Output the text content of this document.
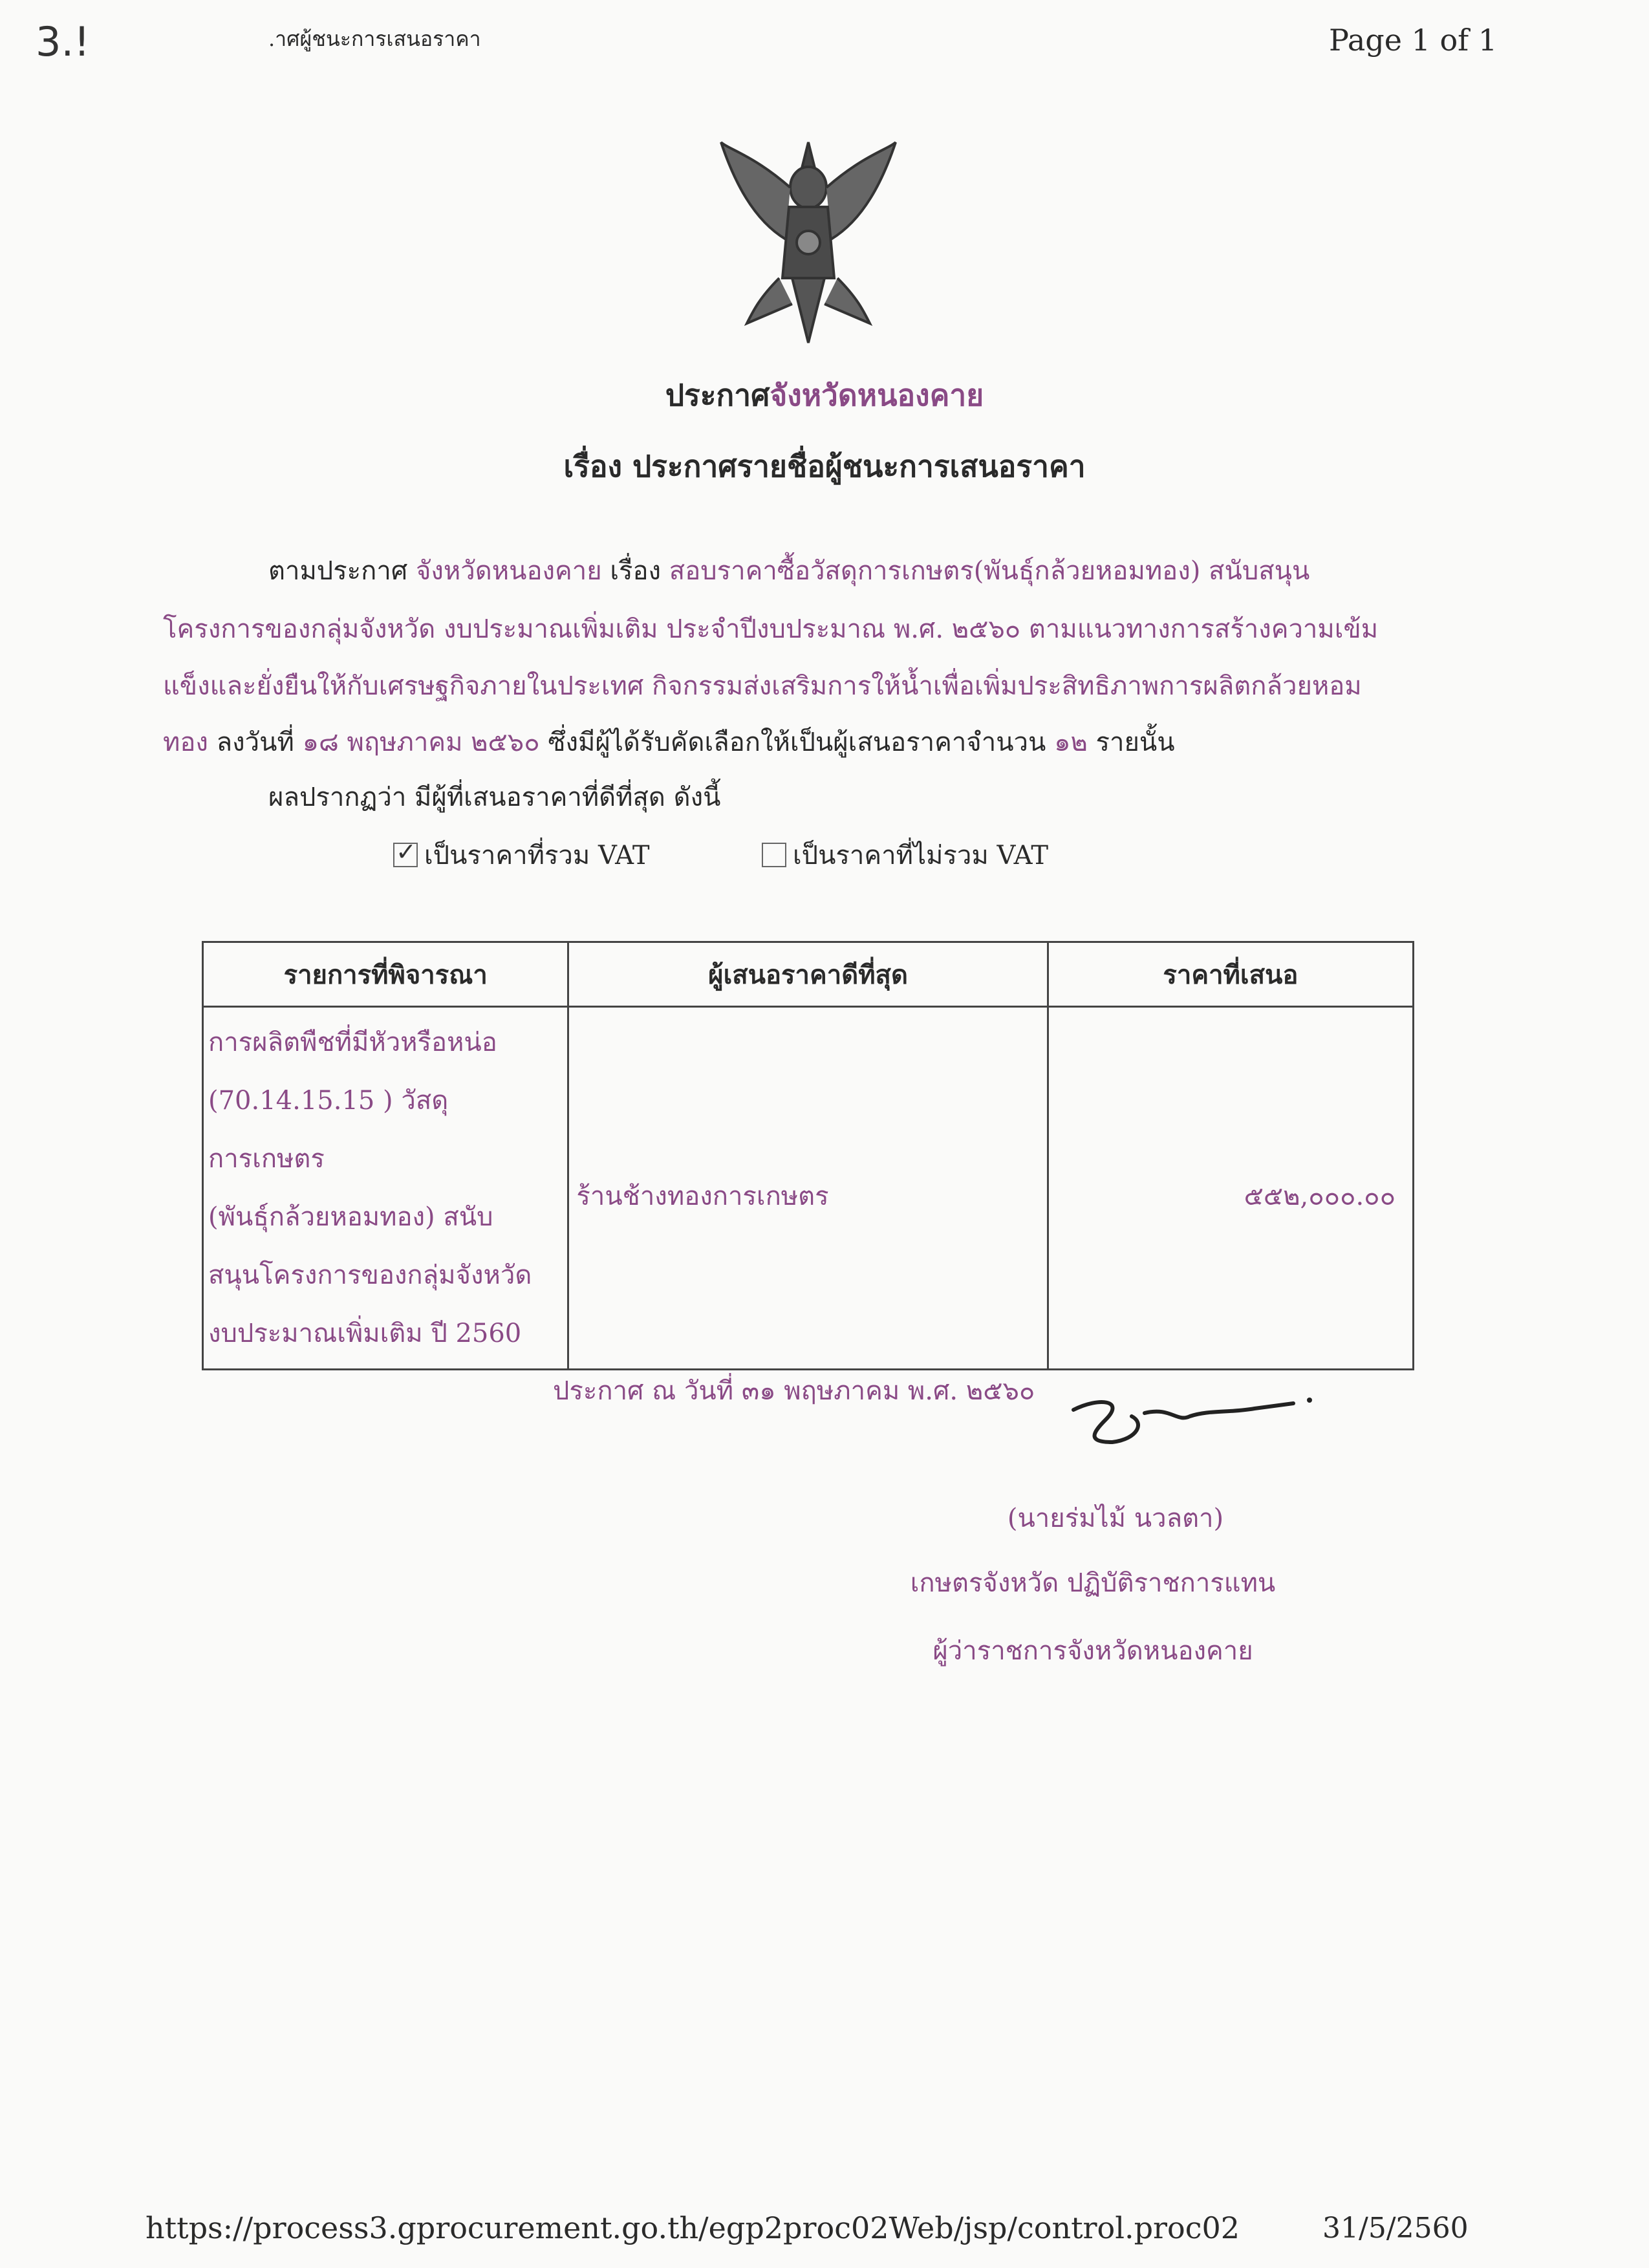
3.!	.าศผู้ชนะการเสนอราคา	Page 1 of 1
ประกาศจังหวัดหนองคาย
เรื่อง ประกาศรายชื่อผู้ชนะการเสนอราคา
ตามประกาศ จังหวัดหนองคาย เรื่อง สอบราคาซื้อวัสดุการเกษตร(พันธุ์กล้วยหอมทอง) สนับสนุน
โครงการของกลุ่มจังหวัด งบประมาณเพิ่มเติม ประจำปีงบประมาณ พ.ศ. ๒๕๖๐ ตามแนวทางการสร้างความเข้ม
แข็งและยั่งยืนให้กับเศรษฐกิจภายในประเทศ กิจกรรมส่งเสริมการให้น้ำเพื่อเพิ่มประสิทธิภาพการผลิตกล้วยหอม
ทอง ลงวันที่ ๑๘ พฤษภาคม ๒๕๖๐ ซึ่งมีผู้ได้รับคัดเลือกให้เป็นผู้เสนอราคาจำนวน ๑๒ รายนั้น
ผลปรากฏว่า มีผู้ที่เสนอราคาที่ดีที่สุด ดังนี้
✓ เป็นราคาที่รวม VAT	เป็นราคาที่ไม่รวม VAT
รายการที่พิจารณา	ผู้เสนอราคาดีที่สุด	ราคาที่เสนอ

การผลิตพืชที่มีหัวหรือหน่อ
(70.14.15.15 ) วัสดุการเกษตร
(พันธุ์กล้วยหอมทอง) สนับ
สนุนโครงการของกลุ่มจังหวัด
งบประมาณเพิ่มเติม ปี 2560	ร้านช้างทองการเกษตร	๕๕๒,๐๐๐.๐๐
ประกาศ ณ วันที่ ๓๑ พฤษภาคม พ.ศ. ๒๕๖๐
(นายร่มไม้ นวลตา)
เกษตรจังหวัด ปฏิบัติราชการแทน
ผู้ว่าราชการจังหวัดหนองคาย
https://process3.gprocurement.go.th/egp2proc02Web/jsp/control.proc02	31/5/2560
